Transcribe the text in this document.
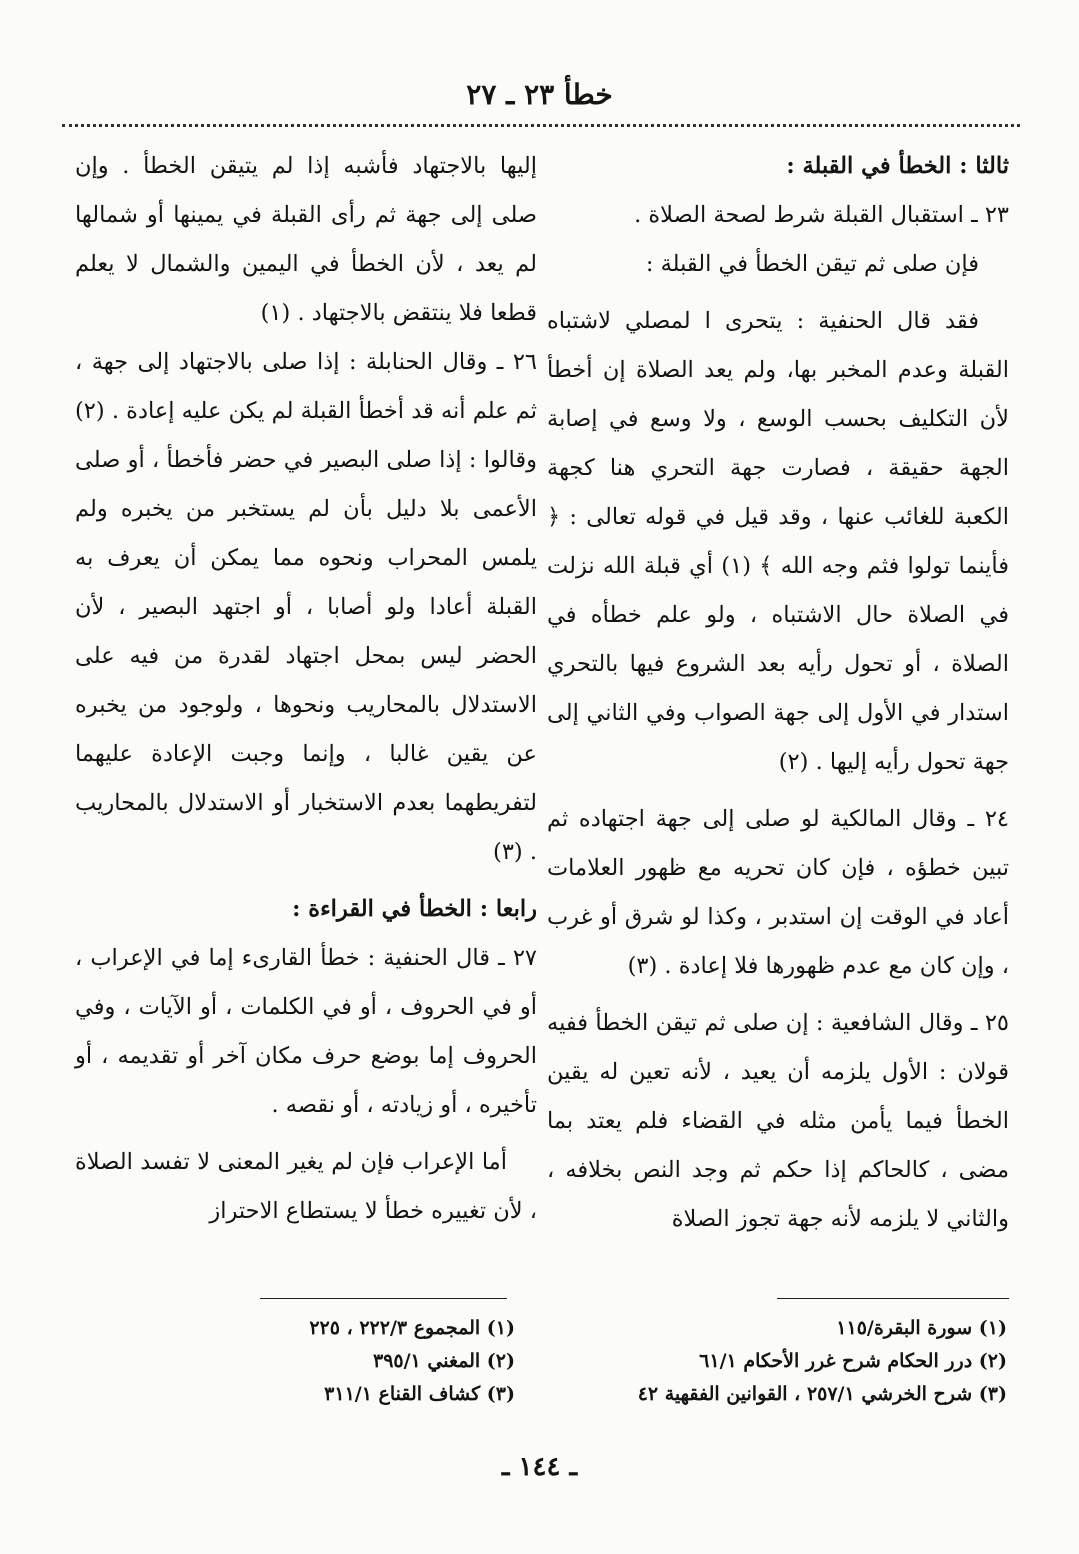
خطأ ٢٣ ـ ٢٧

ثالثا : الخطأ في القبلة :

٢٣ ـ استقبال القبلة شرط لصحة الصلاة .

فإن صلى ثم تيقن الخطأ في القبلة :

فقد قال الحنفية : يتحرى ا لمصلي لاشتباه القبلة وعدم المخبر بها، ولم يعد الصلاة إن أخطأ لأن التكليف بحسب الوسع ، ولا وسع في إصابة الجهة حقيقة ، فصارت جهة التحري هنا كجهة الكعبة للغائب عنها ، وقد قيل في قوله تعالى : ﴿ فأينما تولوا فثم وجه الله ﴾ (١) أي قبلة الله نزلت في الصلاة حال الاشتباه ، ولو علم خطأه في الصلاة ، أو تحول رأيه بعد الشروع فيها بالتحري استدار في الأول إلى جهة الصواب وفي الثاني إلى جهة تحول رأيه إليها . (٢)

٢٤ ـ وقال المالكية لو صلى إلى جهة اجتهاده ثم تبين خطؤه ، فإن كان تحريه مع ظهور العلامات أعاد في الوقت إن استدبر ، وكذا لو شرق أو غرب ، وإن كان مع عدم ظهورها فلا إعادة . (٣)

٢٥ ـ وقال الشافعية : إن صلى ثم تيقن الخطأ ففيه قولان : الأول يلزمه أن يعيد ، لأنه تعين له يقين الخطأ فيما يأمن مثله في القضاء فلم يعتد بما مضى ، كالحاكم إذا حكم ثم وجد النص بخلافه ، والثاني لا يلزمه لأنه جهة تجوز الصلاة

إليها بالاجتهاد فأشبه إذا لم يتيقن الخطأ . وإن صلى إلى جهة ثم رأى القبلة في يمينها أو شمالها لم يعد ، لأن الخطأ في اليمين والشمال لا يعلم قطعا فلا ينتقض بالاجتهاد . (١)

٢٦ ـ وقال الحنابلة : إذا صلى بالاجتهاد إلى جهة ، ثم علم أنه قد أخطأ القبلة لم يكن عليه إعادة . (٢) وقالوا : إذا صلى البصير في حضر فأخطأ ، أو صلى الأعمى بلا دليل بأن لم يستخبر من يخبره ولم يلمس المحراب ونحوه مما يمكن أن يعرف به القبلة أعادا ولو أصابا ، أو اجتهد البصير ، لأن الحضر ليس بمحل اجتهاد لقدرة من فيه على الاستدلال بالمحاريب ونحوها ، ولوجود من يخبره عن يقين غالبا ، وإنما وجبت الإعادة عليهما لتفريطهما بعدم الاستخبار أو الاستدلال بالمحاريب . (٣)

رابعا : الخطأ في القراءة :

٢٧ ـ قال الحنفية : خطأ القارىء إما في الإعراب ، أو في الحروف ، أو في الكلمات ، أو الآيات ، وفي الحروف إما بوضع حرف مكان آخر أو تقديمه ، أو تأخيره ، أو زيادته ، أو نقصه .

أما الإعراب فإن لم يغير المعنى لا تفسد الصلاة ، لأن تغييره خطأ لا يستطاع الاحتراز

(١) سورة البقرة/١١٥
(٢) درر الحكام شرح غرر الأحكام ٦١/١
(٣) شرح الخرشي ٢٥٧/١ ، القوانين الفقهية ٤٢
(١) المجموع ٢٢٢/٣ ، ٢٢٥
(٢) المغني ٣٩٥/١
(٣) كشاف القناع ٣١١/١
ـ ١٤٤ ـ
